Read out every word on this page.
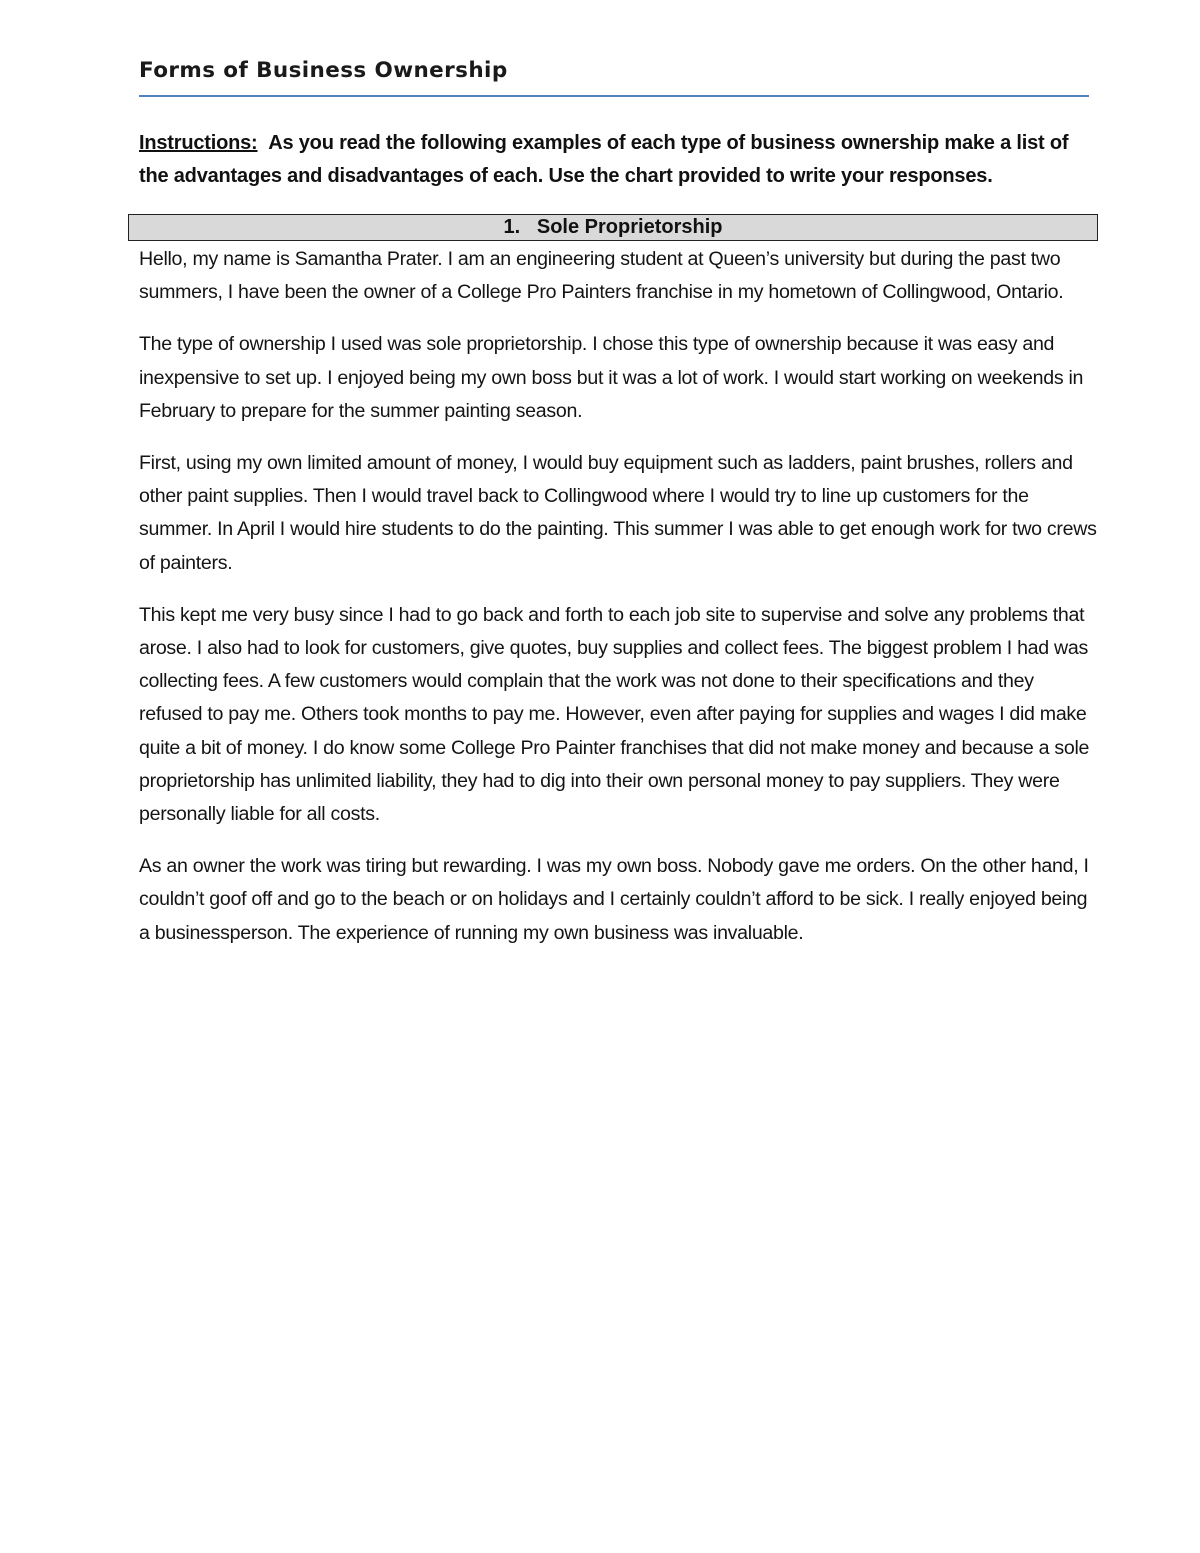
Forms of Business Ownership

Instructions: As you read the following examples of each type of business ownership make a list of the advantages and disadvantages of each. Use the chart provided to write your responses.

1. Sole Proprietorship

Hello, my name is Samantha Prater. I am an engineering student at Queen’s university but during the past two summers, I have been the owner of a College Pro Painters franchise in my hometown of Collingwood, Ontario.

The type of ownership I used was sole proprietorship. I chose this type of ownership because it was easy and inexpensive to set up. I enjoyed being my own boss but it was a lot of work. I would start working on weekends in February to prepare for the summer painting season.

First, using my own limited amount of money, I would buy equipment such as ladders, paint brushes, rollers and other paint supplies. Then I would travel back to Collingwood where I would try to line up customers for the summer. In April I would hire students to do the painting. This summer I was able to get enough work for two crews of painters.

This kept me very busy since I had to go back and forth to each job site to supervise and solve any problems that arose. I also had to look for customers, give quotes, buy supplies and collect fees. The biggest problem I had was collecting fees. A few customers would complain that the work was not done to their specifications and they refused to pay me. Others took months to pay me. However, even after paying for supplies and wages I did make quite a bit of money. I do know some College Pro Painter franchises that did not make money and because a sole proprietorship has unlimited liability, they had to dig into their own personal money to pay suppliers. They were personally liable for all costs.

As an owner the work was tiring but rewarding. I was my own boss. Nobody gave me orders. On the other hand, I couldn’t goof off and go to the beach or on holidays and I certainly couldn’t afford to be sick. I really enjoyed being a businessperson. The experience of running my own business was invaluable.
